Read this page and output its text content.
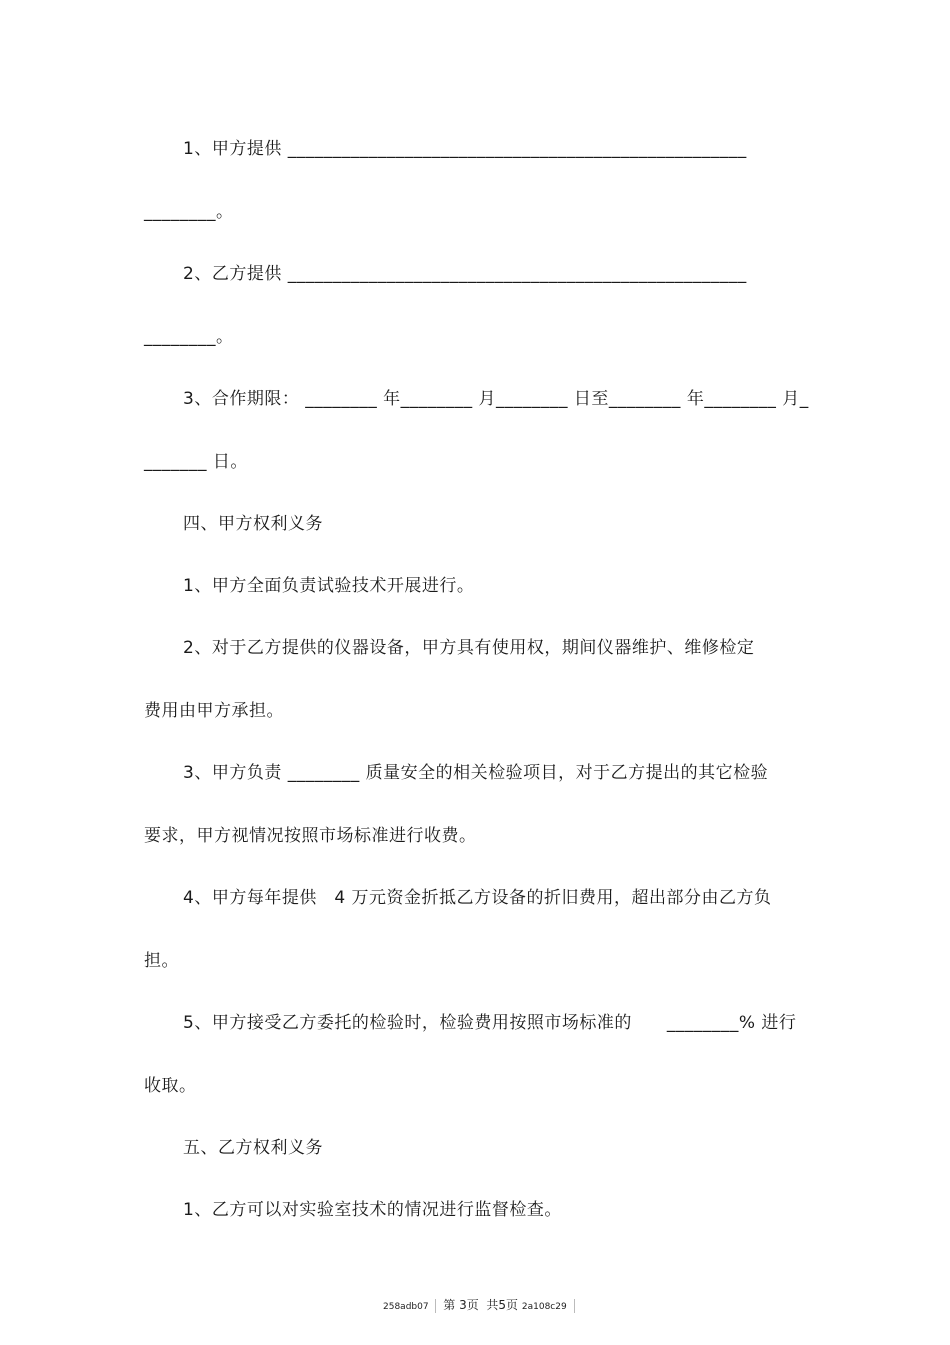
1、甲方提供 ___________________________________________________
________。
2、乙方提供 ___________________________________________________
________。
3、合作期限： ________ 年________ 月________ 日至________ 年________ 月_
_______ 日。
四、甲方权利义务
1、甲方全面负责试验技术开展进行。
2、对于乙方提供的仪器设备，甲方具有使用权，期间仪器维护、维修检定
费用由甲方承担。
3、甲方负责 ________ 质量安全的相关检验项目，对于乙方提出的其它检验
要求，甲方视情况按照市场标准进行收费。
4、甲方每年提供　4 万元资金折抵乙方设备的折旧费用，超出部分由乙方负
担。
5、甲方接受乙方委托的检验时，检验费用按照市场标准的　　________% 进行
收取。
五、乙方权利义务
1、乙方可以对实验室技术的情况进行监督检查。
258adb07 第 3页 共5页 2a108c29
